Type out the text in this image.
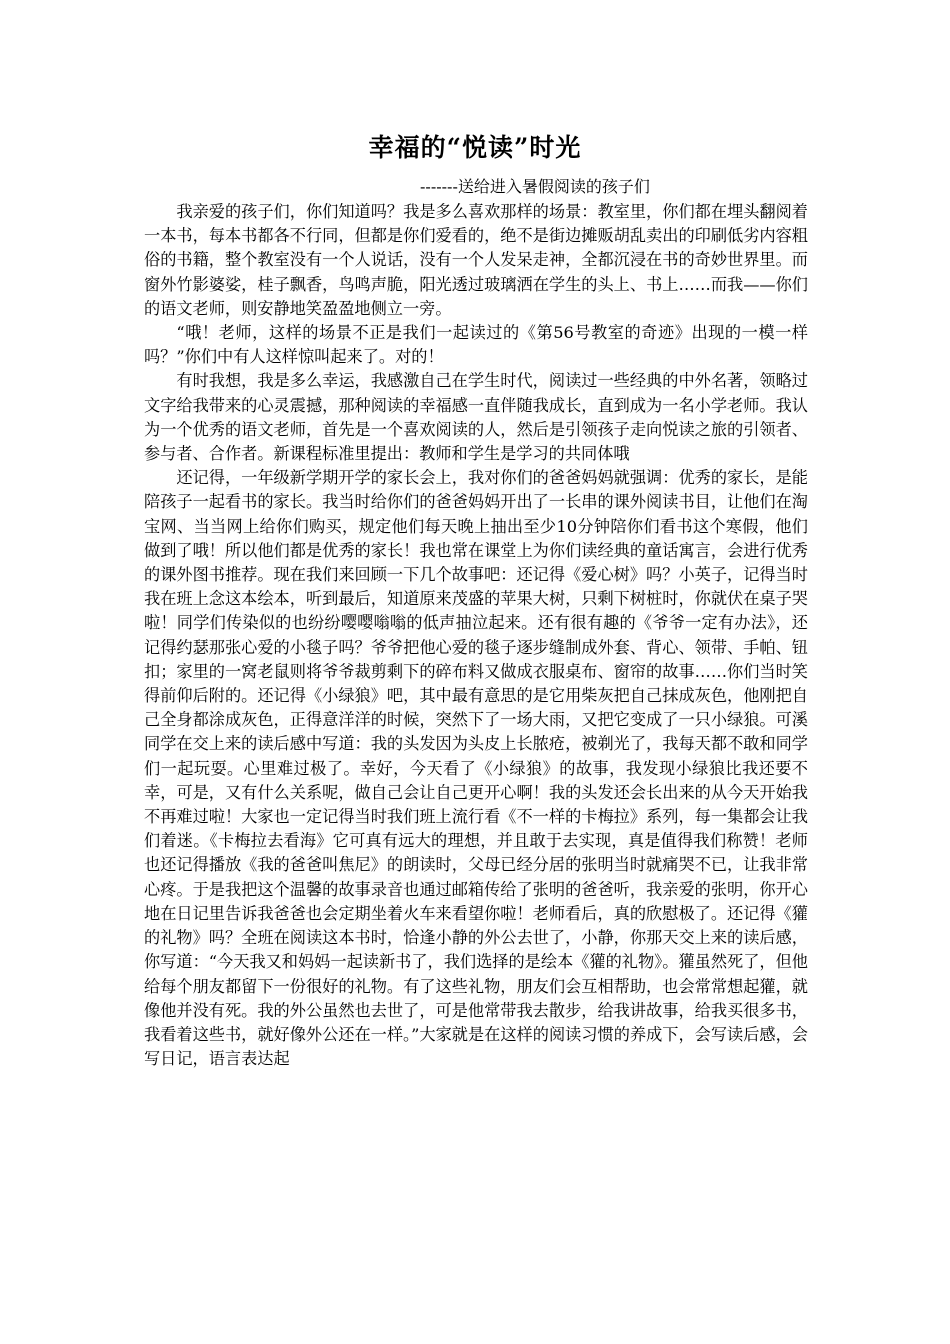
幸福的“悦读”时光
-------送给进入暑假阅读的孩子们

我亲爱的孩子们，你们知道吗？我是多么喜欢那样的场景：教室里，你们都在埋头翻阅着一本书，每本书都各不行同，但都是你们爱看的，绝不是街边摊贩胡乱卖出的印刷低劣内容粗俗的书籍，整个教室没有一个人说话，没有一个人发呆走神，全都沉浸在书的奇妙世界里。而窗外竹影婆娑，桂子飘香，鸟鸣声脆，阳光透过玻璃洒在学生的头上、书上……而我——你们的语文老师，则安静地笑盈盈地侧立一旁。

“哦！老师，这样的场景不正是我们一起读过的《第56号教室的奇迹》出现的一模一样吗？”你们中有人这样惊叫起来了。对的！

有时我想，我是多么幸运，我感激自己在学生时代，阅读过一些经典的中外名著，领略过文字给我带来的心灵震撼，那种阅读的幸福感一直伴随我成长，直到成为一名小学老师。我认为一个优秀的语文老师，首先是一个喜欢阅读的人，然后是引领孩子走向悦读之旅的引领者、参与者、合作者。新课程标准里提出：教师和学生是学习的共同体哦

还记得，一年级新学期开学的家长会上，我对你们的爸爸妈妈就强调：优秀的家长，是能陪孩子一起看书的家长。我当时给你们的爸爸妈妈开出了一长串的课外阅读书目，让他们在淘宝网、当当网上给你们购买，规定他们每天晚上抽出至少10分钟陪你们看书这个寒假，他们做到了哦！所以他们都是优秀的家长！我也常在课堂上为你们读经典的童话寓言，会进行优秀的课外图书推荐。现在我们来回顾一下几个故事吧：还记得《爱心树》吗？小英子，记得当时我在班上念这本绘本，听到最后，知道原来茂盛的苹果大树，只剩下树桩时，你就伏在桌子哭啦！同学们传染似的也纷纷嘤嘤嗡嗡的低声抽泣起来。还有很有趣的《爷爷一定有办法》，还记得约瑟那张心爱的小毯子吗？爷爷把他心爱的毯子逐步缝制成外套、背心、领带、手帕、钮扣；家里的一窝老鼠则将爷爷裁剪剩下的碎布料又做成衣服桌布、窗帘的故事……你们当时笑得前仰后附的。还记得《小绿狼》吧，其中最有意思的是它用柴灰把自己抹成灰色，他刚把自己全身都涂成灰色，正得意洋洋的时候，突然下了一场大雨，又把它变成了一只小绿狼。可溪同学在交上来的读后感中写道：我的头发因为头皮上长脓疮，被剃光了，我每天都不敢和同学们一起玩耍。心里难过极了。幸好，今天看了《小绿狼》的故事，我发现小绿狼比我还要不幸，可是，又有什么关系呢，做自己会让自己更开心啊！我的头发还会长出来的从今天开始我不再难过啦！大家也一定记得当时我们班上流行看《不一样的卡梅拉》系列，每一集都会让我们着迷。《卡梅拉去看海》它可真有远大的理想，并且敢于去实现，真是值得我们称赞！老师也还记得播放《我的爸爸叫焦尼》的朗读时，父母已经分居的张明当时就痛哭不已，让我非常心疼。于是我把这个温馨的故事录音也通过邮箱传给了张明的爸爸听，我亲爱的张明，你开心地在日记里告诉我爸爸也会定期坐着火车来看望你啦！老师看后，真的欣慰极了。还记得《獾的礼物》吗？全班在阅读这本书时，恰逢小静的外公去世了，小静，你那天交上来的读后感，你写道：“今天我又和妈妈一起读新书了，我们选择的是绘本《獾的礼物》。獾虽然死了，但他给每个朋友都留下一份很好的礼物。有了这些礼物，朋友们会互相帮助，也会常常想起獾，就像他并没有死。我的外公虽然也去世了，可是他常带我去散步，给我讲故事，给我买很多书，我看着这些书，就好像外公还在一样。”大家就是在这样的阅读习惯的养成下，会写读后感，会写日记，语言表达起
